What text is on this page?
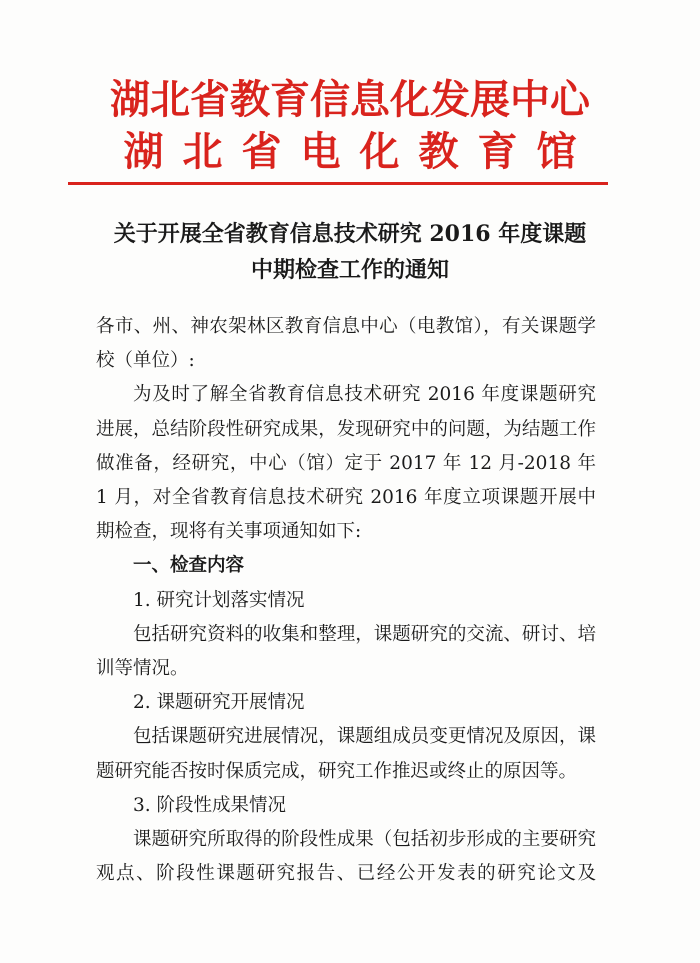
湖北省教育信息化发展中心
湖北省电化教育馆
关于开展全省教育信息技术研究 2016 年度课题
中期检查工作的通知

各市、州、神农架林区教育信息中心（电教馆），有关课题学校（单位）:

为及时了解全省教育信息技术研究 2016 年度课题研究进展，总结阶段性研究成果，发现研究中的问题，为结题工作做准备，经研究，中心（馆）定于 2017 年 12 月-2018 年 1 月，对全省教育信息技术研究 2016 年度立项课题开展中期检查，现将有关事项通知如下:

一、检查内容

1. 研究计划落实情况

包括研究资料的收集和整理，课题研究的交流、研讨、培训等情况。

2. 课题研究开展情况

包括课题研究进展情况，课题组成员变更情况及原因，课题研究能否按时保质完成，研究工作推迟或终止的原因等。

3. 阶段性成果情况

课题研究所取得的阶段性成果（包括初步形成的主要研究观点、阶段性课题研究报告、已经公开发表的研究论文及
